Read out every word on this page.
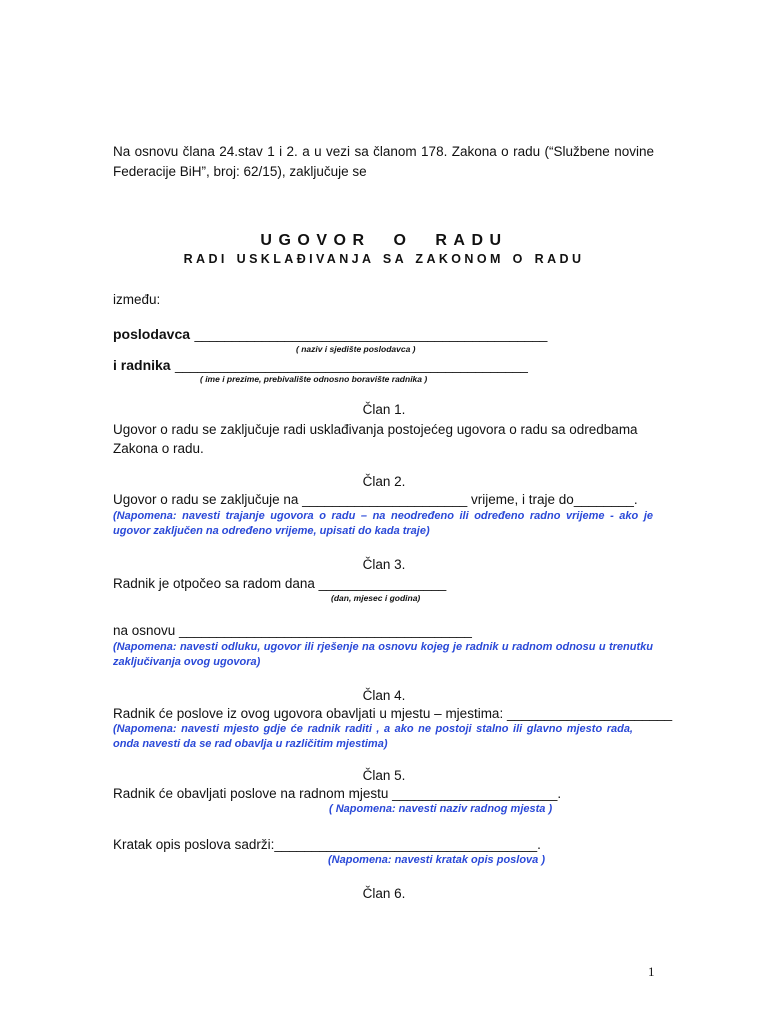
Na osnovu člana 24.stav 1 i 2. a u vezi sa članom 178. Zakona o radu (“Službene novine Federacije BiH”, broj: 62/15), zaključuje se
UGOVOR O RADU
RADI USKLAĐIVANJA SA ZAKONOM O RADU
između:
poslodavca _______________________________________________
( naziv i sjedište poslodavca )
i radnika _______________________________________________
( ime i prezime, prebivalište odnosno boravište radnika )
Član 1.
Ugovor o radu se zaključuje radi usklađivanja postojećeg ugovora o radu sa odredbama Zakona o radu.
Član 2.
Ugovor o radu se zaključuje na ______________________ vrijeme, i traje do________.
(Napomena: navesti trajanje ugovora o radu – na neodređeno ili određeno radno vrijeme - ako je ugovor zaključen na određeno vrijeme, upisati do kada traje)
Član 3.
Radnik je otpočeo sa radom dana _________________
(dan, mjesec i godina)
na osnovu _______________________________________
(Napomena: navesti odluku, ugovor ili rješenje na osnovu kojeg je radnik u radnom odnosu u trenutku zaključivanja ovog ugovora)
Član 4.
Radnik će poslove iz ovog ugovora obavljati u mjestu – mjestima: ______________________
(Napomena: navesti mjesto gdje će radnik raditi , a ako ne postoji stalno ili glavno mjesto rada, onda navesti da se rad obavlja u različitim mjestima)
Član 5.
Radnik će obavljati poslove na radnom mjestu ______________________.
( Napomena: navesti naziv radnog mjesta )
Kratak opis poslova sadrži:___________________________________.
(Napomena: navesti kratak opis poslova )
Član 6.
1
